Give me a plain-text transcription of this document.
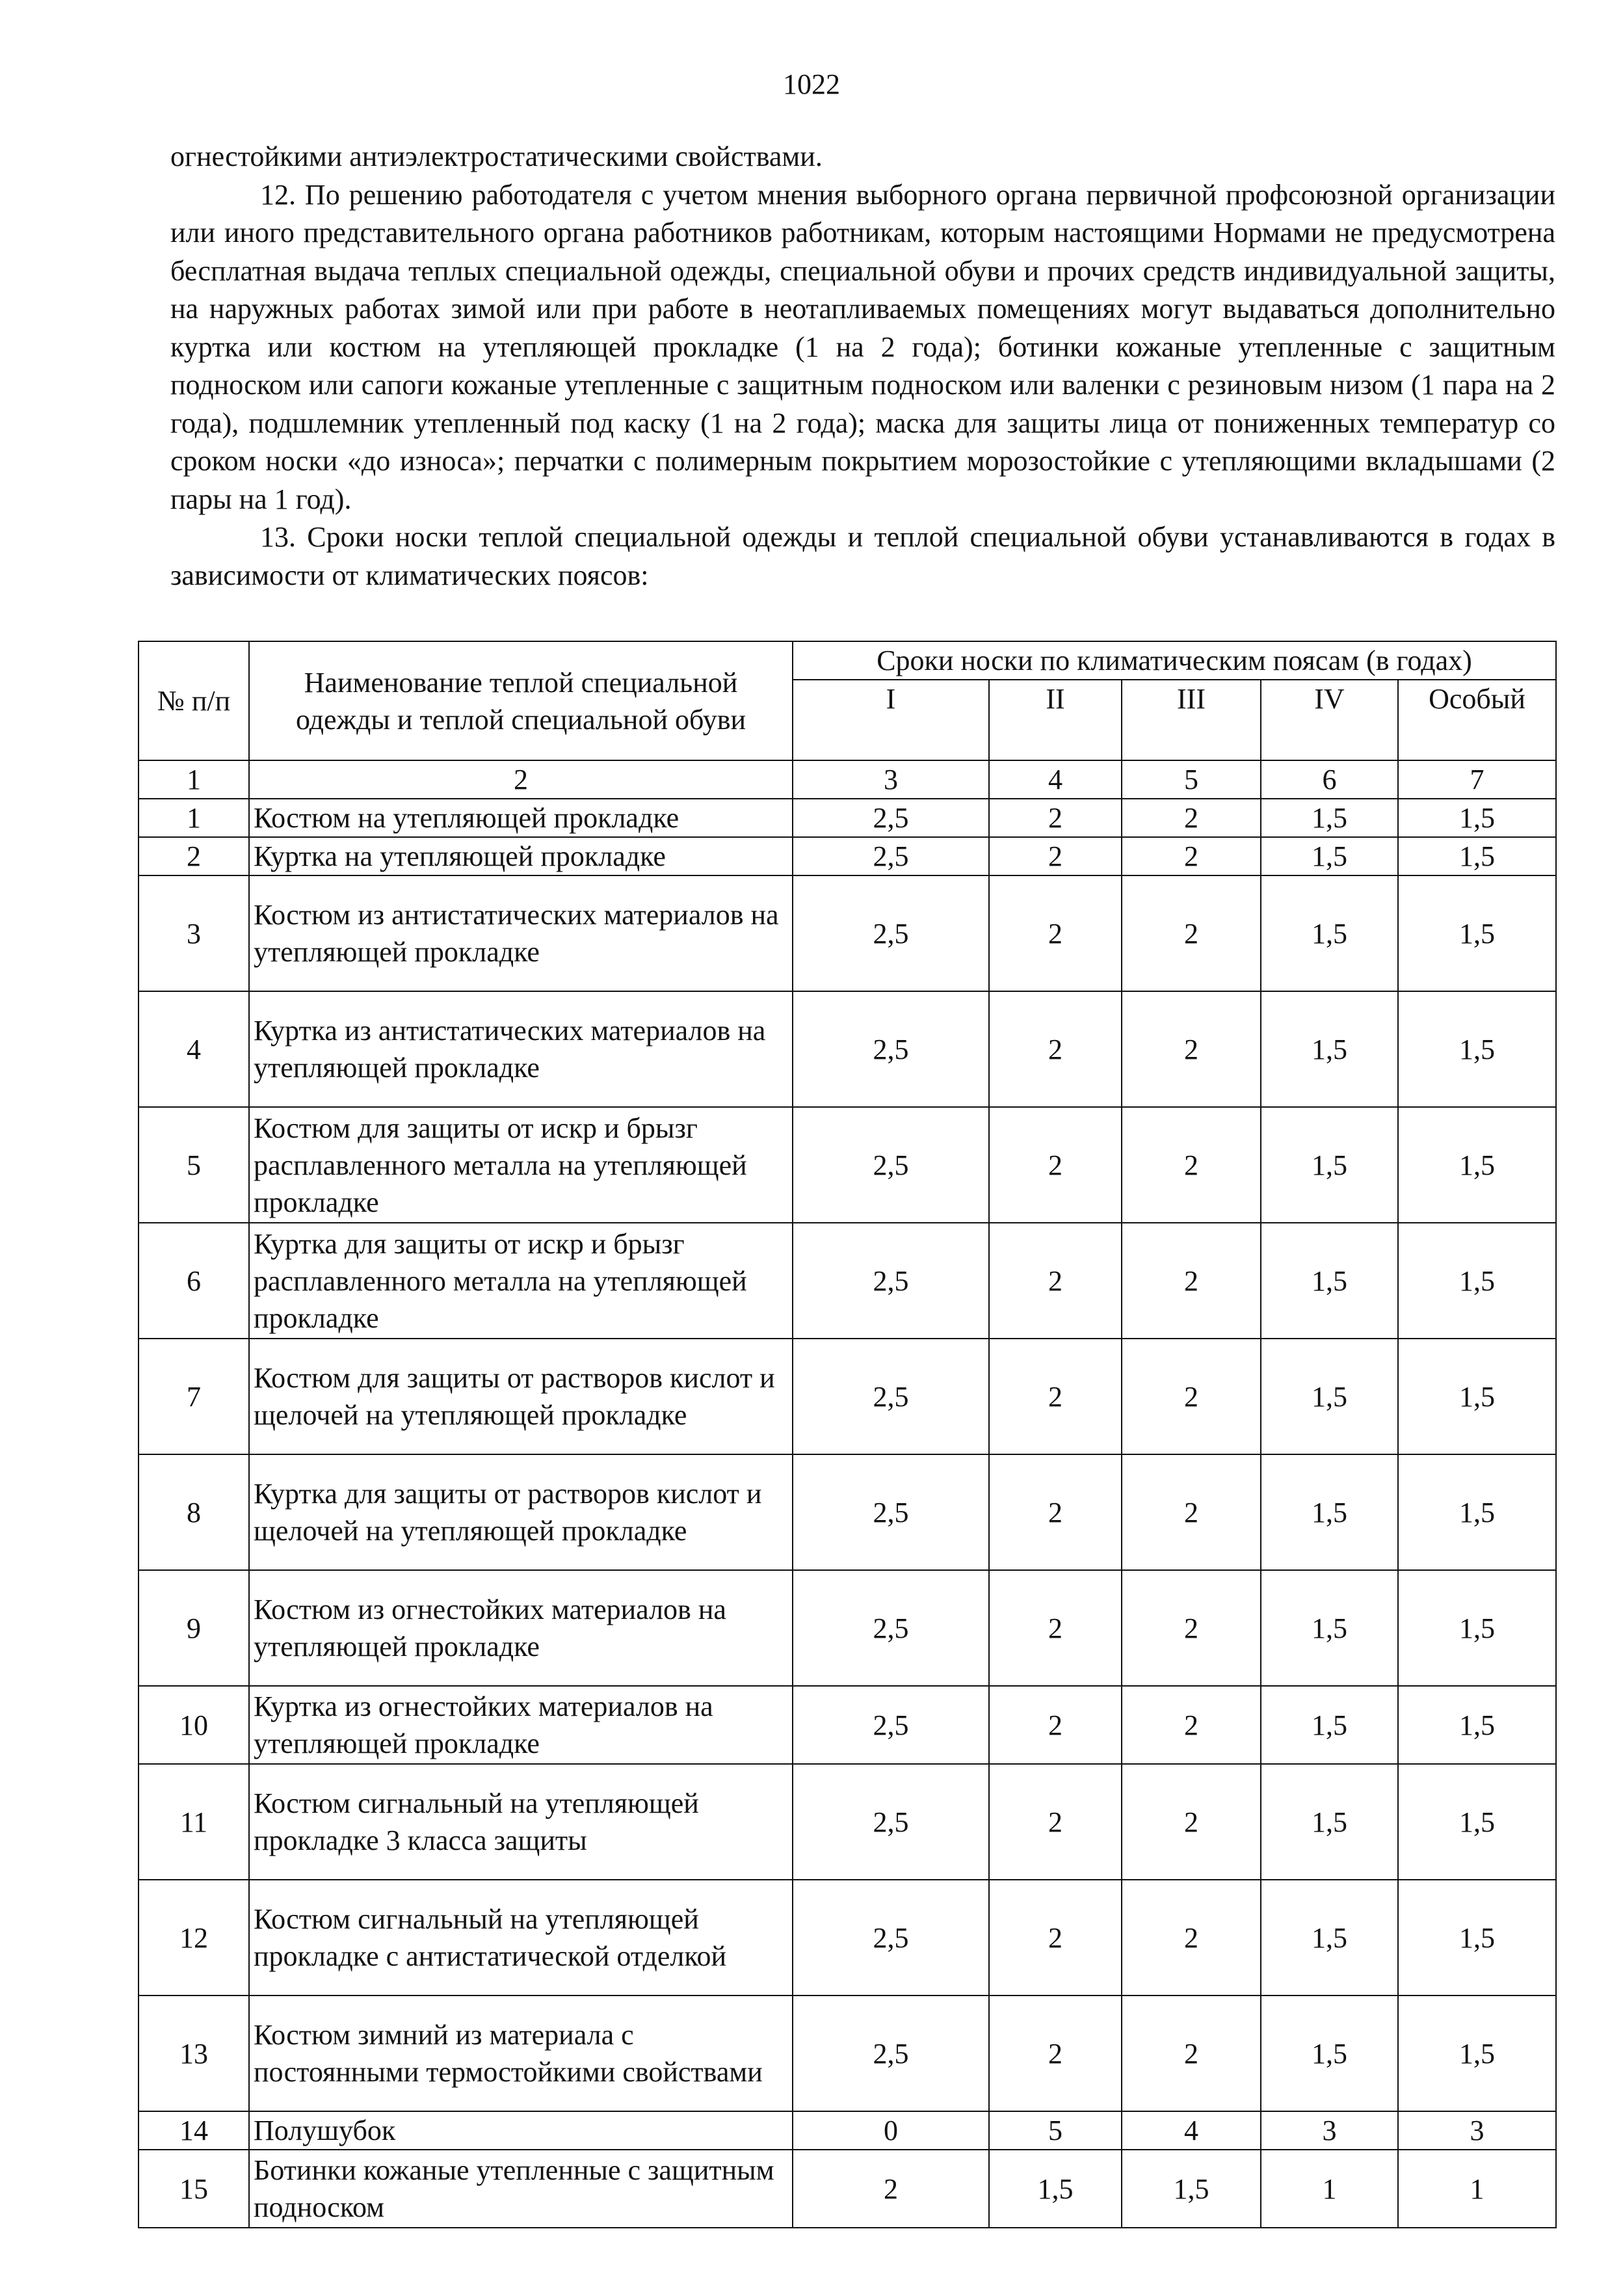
1022

огнестойкими антиэлектростатическими свойствами.

12. По решению работодателя с учетом мнения выборного органа первичной профсоюзной организации или иного представительного органа работников работникам, которым настоящими Нормами не предусмотрена бесплатная выдача теплых специальной одежды, специальной обуви и прочих средств индивидуальной защиты, на наружных работах зимой или при работе в неотапливаемых помещениях могут выдаваться дополнительно куртка или костюм на утепляющей прокладке (1 на 2 года); ботинки кожаные утепленные с защитным подноском или сапоги кожаные утепленные с защитным подноском или валенки с резиновым низом (1 пара на 2 года), подшлемник утепленный под каску (1 на 2 года); маска для защиты лица от пониженных температур со сроком носки «до износа»; перчатки с полимерным покрытием морозостойкие с утепляющими вкладышами (2 пары на 1 год).

13. Сроки носки теплой специальной одежды и теплой специальной обуви устанавливаются в годах в зависимости от климатических поясов:

№ п/п	Наименование теплой специальной одежды и теплой специальной обуви	Сроки носки по климатическим поясам (в годах)				
		I	II	III	IV	Особый
1	2	3	4	5	6	7
1	Костюм на утепляющей прокладке	2,5	2	2	1,5	1,5
2	Куртка на утепляющей прокладке	2,5	2	2	1,5	1,5
3	Костюм из антистатических материалов на утепляющей прокладке	2,5	2	2	1,5	1,5
4	Куртка из антистатических материалов на утепляющей прокладке	2,5	2	2	1,5	1,5
5	Костюм для защиты от искр и брызг расплавленного металла на утепляющей прокладке	2,5	2	2	1,5	1,5
6	Куртка для защиты от искр и брызг расплавленного металла на утепляющей прокладке	2,5	2	2	1,5	1,5
7	Костюм для защиты от растворов кислот и щелочей на утепляющей прокладке	2,5	2	2	1,5	1,5
8	Куртка для защиты от растворов кислот и щелочей на утепляющей прокладке	2,5	2	2	1,5	1,5
9	Костюм из огнестойких материалов на утепляющей прокладке	2,5	2	2	1,5	1,5
10	Куртка из огнестойких материалов на утепляющей прокладке	2,5	2	2	1,5	1,5
11	Костюм сигнальный на утепляющей прокладке 3 класса защиты	2,5	2	2	1,5	1,5
12	Костюм сигнальный на утепляющей прокладке с антистатической отделкой	2,5	2	2	1,5	1,5
13	Костюм зимний из материала с постоянными термостойкими свойствами	2,5	2	2	1,5	1,5
14	Полушубок	0	5	4	3	3
15	Ботинки кожаные утепленные с защитным подноском	2	1,5	1,5	1	1
